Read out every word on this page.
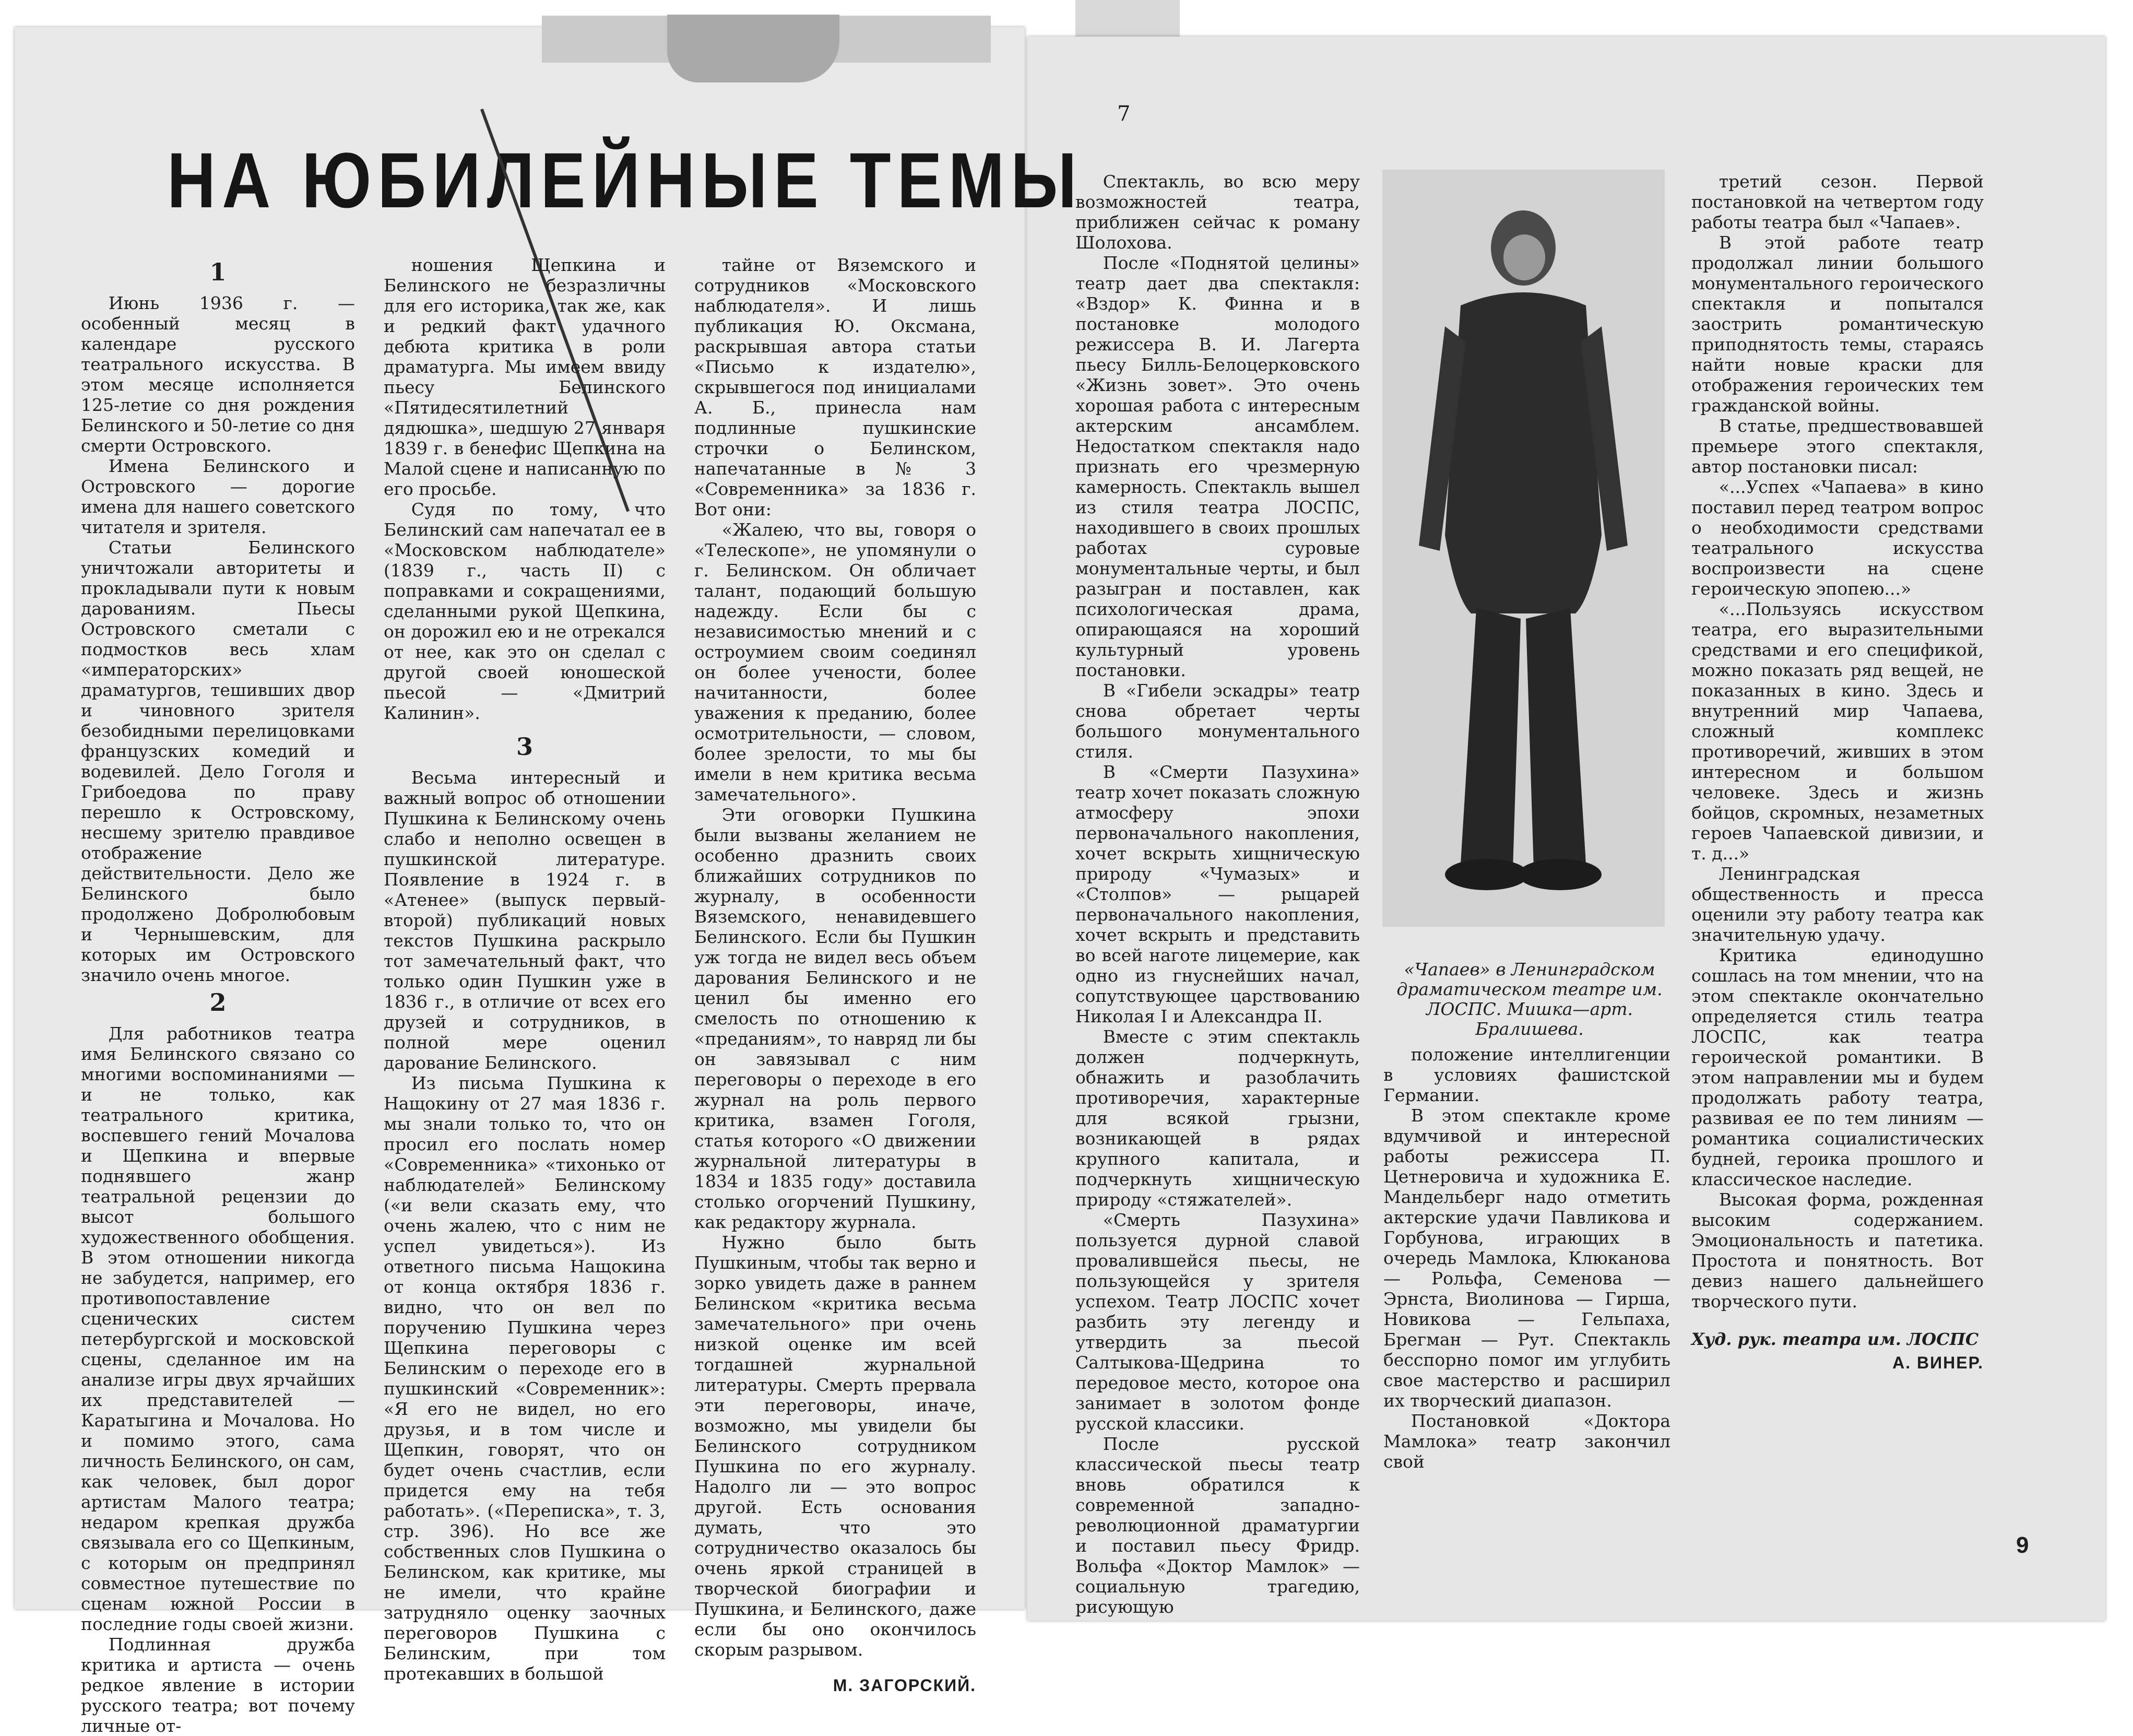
НА ЮБИЛЕЙНЫЕ ТЕМЫ
7
1

Июнь 1936 г. — особенный месяц в календаре русского театрального искусства. В этом месяце исполняется 125-летие со дня рождения Белинского и 50-летие со дня смерти Островского.

Имена Белинского и Островского — дорогие имена для нашего советского читателя и зрителя.

Статьи Белинского уничтожали авторитеты и прокладывали пути к новым дарованиям. Пьесы Островского сметали с подмостков весь хлам «императорских» драматургов, тешивших двор и чиновного зрителя безобидными перелицовками французских комедий и водевилей. Дело Гоголя и Грибоедова по праву перешло к Островскому, несшему зрителю правдивое отображение действительности. Дело же Белинского было продолжено Добролюбовым и Чернышевским, для которых им Островского значило очень многое.

2

Для работников театра имя Белинского связано со многими воспоминаниями — и не только, как театрального критика, воспевшего гений Мочалова и Щепкина и впервые поднявшего жанр театральной рецензии до высот большого художественного обобщения. В этом отношении никогда не забудется, например, его противопоставление сценических систем петербургской и московской сцены, сделанное им на анализе игры двух ярчайших их представителей — Каратыгина и Мочалова. Но и помимо этого, сама личность Белинского, он сам, как человек, был дорог артистам Малого театра; недаром крепкая дружба связывала его со Щепкиным, с которым он предпринял совместное путешествие по сценам южной России в последние годы своей жизни.

Подлинная дружба критика и артиста — очень редкое явление в истории русского театра; вот почему личные от-

ношения Щепкина и Белинского не безразличны для его историка, так же, как и редкий факт удачного дебюта критика в роли драматурга. Мы имеем ввиду пьесу Белинского «Пятидесятилетний дядюшка», шедшую 27 января 1839 г. в бенефис Щепкина на Малой сцене и написанную по его просьбе.

Судя по тому, что Белинский сам напечатал ее в «Московском наблюдателе» (1839 г., часть II) с поправками и сокращениями, сделанными рукой Щепкина, он дорожил ею и не отрекался от нее, как это он сделал с другой своей юношеской пьесой — «Дмитрий Калинин».

3

Весьма интересный и важный вопрос об отношении Пушкина к Белинскому очень слабо и неполно освещен в пушкинской литературе. Появление в 1924 г. в «Атенее» (выпуск первый-второй) публикаций новых текстов Пушкина раскрыло тот замечательный факт, что только один Пушкин уже в 1836 г., в отличие от всех его друзей и сотрудников, в полной мере оценил дарование Белинского.

Из письма Пушкина к Нащокину от 27 мая 1836 г. мы знали только то, что он просил его послать номер «Современника» «тихонько от наблюдателей» Белинскому («и вели сказать ему, что очень жалею, что с ним не успел увидеться»). Из ответного письма Нащокина от конца октября 1836 г. видно, что он вел по поручению Пушкина через Щепкина переговоры с Белинским о переходе его в пушкинский «Современник»: «Я его не видел, но его друзья, и в том числе и Щепкин, говорят, что он будет очень счастлив, если придется ему на тебя работать». («Переписка», т. 3, стр. 396). Но все же собственных слов Пушкина о Белинском, как критике, мы не имели, что крайне затрудняло оценку заочных переговоров Пушкина с Белинским, при том протекавших в большой

тайне от Вяземского и сотрудников «Московского наблюдателя». И лишь публикация Ю. Оксмана, раскрывшая автора статьи «Письмо к издателю», скрывшегося под инициалами А. Б., принесла нам подлинные пушкинские строчки о Белинском, напечатанные в № 3 «Современника» за 1836 г. Вот они:

«Жалею, что вы, говоря о «Телескопе», не упомянули о г. Белинском. Он обличает талант, подающий большую надежду. Если бы с независимостью мнений и с остроумием своим соединял он более учености, более начитанности, более уважения к преданию, более осмотрительности, — словом, более зрелости, то мы бы имели в нем критика весьма замечательного».

Эти оговорки Пушкина были вызваны желанием не особенно дразнить своих ближайших сотрудников по журналу, в особенности Вяземского, ненавидевшего Белинского. Если бы Пушкин уж тогда не видел весь объем дарования Белинского и не ценил бы именно его смелость по отношению к «преданиям», то навряд ли бы он завязывал с ним переговоры о переходе в его журнал на роль первого критика, взамен Гоголя, статья которого «О движении журнальной литературы в 1834 и 1835 году» доставила столько огорчений Пушкину, как редактору журнала.

Нужно было быть Пушкиным, чтобы так верно и зорко увидеть даже в раннем Белинском «критика весьма замечательного» при очень низкой оценке им всей тогдашней журнальной литературы. Смерть прервала эти переговоры, иначе, возможно, мы увидели бы Белинского сотрудником Пушкина по его журналу. Надолго ли — это вопрос другой. Есть основания думать, что это сотрудничество оказалось бы очень яркой страницей в творческой биографии и Пушкина, и Белинского, даже если бы оно окончилось скорым разрывом.

М. ЗАГОРСКИЙ.

Спектакль, во всю меру возможностей театра, приближен сейчас к роману Шолохова.

После «Поднятой целины» театр дает два спектакля: «Вздор» К. Финна и в постановке молодого режиссера В. И. Лагерта пьесу Билль-Белоцерковского «Жизнь зовет». Это очень хорошая работа с интересным актерским ансамблем. Недостатком спектакля надо признать его чрезмерную камерность. Спектакль вышел из стиля театра ЛОСПС, находившего в своих прошлых работах суровые монументальные черты, и был разыгран и поставлен, как психологическая драма, опирающаяся на хороший культурный уровень постановки.

В «Гибели эскадры» театр снова обретает черты большого монументального стиля.

В «Смерти Пазухина» театр хочет показать сложную атмосферу эпохи первоначального накопления, хочет вскрыть хищническую природу «Чумазых» и «Столпов» — рыцарей первоначального накопления, хочет вскрыть и представить во всей наготе лицемерие, как одно из гнуснейших начал, сопутствующее царствованию Николая I и Александра II.

Вместе с этим спектакль должен подчеркнуть, обнажить и разоблачить противоречия, характерные для всякой грызни, возникающей в рядах крупного капитала, и подчеркнуть хищническую природу «стяжателей».

«Смерть Пазухина» пользуется дурной славой провалившейся пьесы, не пользующейся у зрителя успехом. Театр ЛОСПС хочет разбить эту легенду и утвердить за пьесой Салтыкова-Щедрина то передовое место, которое она занимает в золотом фонде русской классики.

После русской классической пьесы театр вновь обратился к современной западно-революционной драматургии и поставил пьесу Фридр. Вольфа «Доктор Мамлок» — социальную трагедию, рисующую

«Чапаев» в Ленинградском драматическом театре им. ЛОСПС. Мишка—арт. Бралишева.

положение интеллигенции в условиях фашистской Германии.

В этом спектакле кроме вдумчивой и интересной работы режиссера П. Цетнеровича и художника Е. Мандельберг надо отметить актерские удачи Павликова и Горбунова, играющих в очередь Мамлока, Клюканова — Рольфа, Семенова — Эрнста, Виолинова — Гирша, Новикова — Гельпаха, Брегман — Рут. Спектакль бесспорно помог им углубить свое мастерство и расширил их творческий диапазон.

Постановкой «Доктора Мамлока» театр закончил свой

третий сезон. Первой постановкой на четвертом году работы театра был «Чапаев».

В этой работе театр продолжал линии большого монументального героического спектакля и попытался заострить романтическую приподнятость темы, стараясь найти новые краски для отображения героических тем гражданской войны.

В статье, предшествовавшей премьере этого спектакля, автор постановки писал:

«...Успех «Чапаева» в кино поставил перед театром вопрос о необходимости средствами театрального искусства воспроизвести на сцене героическую эпопею...»

«...Пользуясь искусством театра, его выразительными средствами и его спецификой, можно показать ряд вещей, не показанных в кино. Здесь и внутренний мир Чапаева, сложный комплекс противоречий, живших в этом интересном и большом человеке. Здесь и жизнь бойцов, скромных, незаметных героев Чапаевской дивизии, и т. д...»

Ленинградская общественность и пресса оценили эту работу театра как значительную удачу.

Критика единодушно сошлась на том мнении, что на этом спектакле окончательно определяется стиль театра ЛОСПС, как театра героической романтики. В этом направлении мы и будем продолжать работу театра, развивая ее по тем линиям — романтика социалистических будней, героика прошлого и классическое наследие.

Высокая форма, рожденная высоким содержанием. Эмоциональность и патетика. Простота и понятность. Вот девиз нашего дальнейшего творческого пути.

Худ. рук. театра им. ЛОСПС
А. ВИНЕР.
9
